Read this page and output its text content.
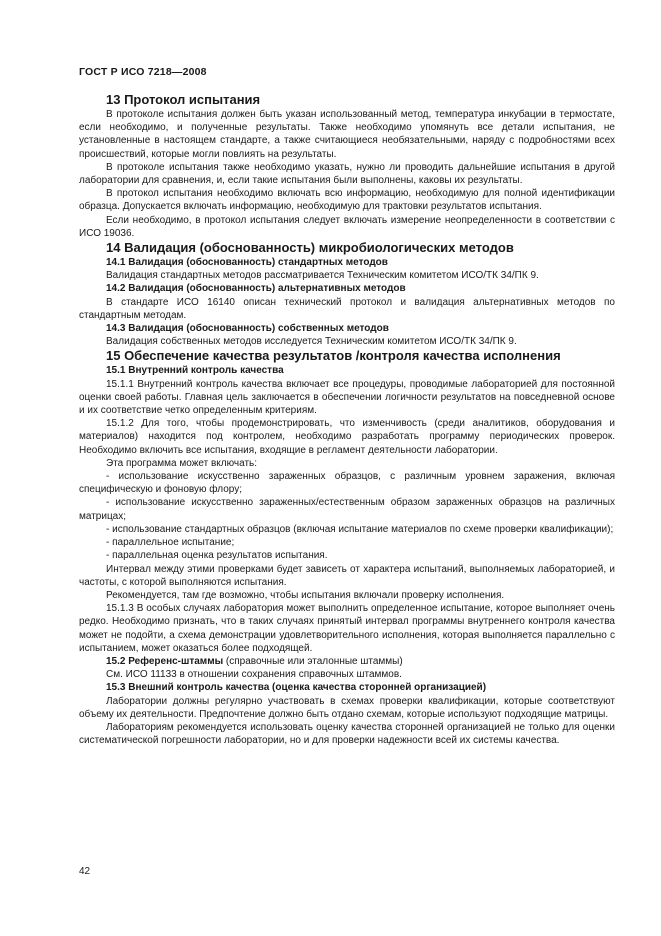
ГОСТ Р ИСО 7218—2008

13 Протокол испытания

В протоколе испытания должен быть указан использованный метод, температура инкубации в термостате, если необходимо, и полученные результаты. Также необходимо упомянуть все детали испытания, не установленные в настоящем стандарте, а также считающиеся необязательными, наряду с подробностями всех происшествий, которые могли повлиять на результаты.

В протоколе испытания также необходимо указать, нужно ли проводить дальнейшие испытания в другой лаборатории для сравнения, и, если такие испытания были выполнены, каковы их результаты.

В протокол испытания необходимо включать всю информацию, необходимую для полной идентификации образца. Допускается включать информацию, необходимую для трактовки результатов испытания.

Если необходимо, в протокол испытания следует включать измерение неопределенности в соответствии с ИСО 19036.

14 Валидация (обоснованность) микробиологических методов

14.1 Валидация (обоснованность) стандартных методов

Валидация стандартных методов рассматривается Техническим комитетом ИСО/ТК 34/ПК 9.

14.2 Валидация (обоснованность) альтернативных методов

В стандарте ИСО 16140 описан технический протокол и валидация альтернативных методов по стандартным методам.

14.3 Валидация (обоснованность) собственных методов

Валидация собственных методов исследуется Техническим комитетом ИСО/ТК 34/ПК 9.

15 Обеспечение качества результатов /контроля качества исполнения

15.1 Внутренний контроль качества

15.1.1 Внутренний контроль качества включает все процедуры, проводимые лабораторией для постоянной оценки своей работы. Главная цель заключается в обеспечении логичности результатов на повседневной основе и их соответствие четко определенным критериям.

15.1.2 Для того, чтобы продемонстрировать, что изменчивость (среди аналитиков, оборудования и материалов) находится под контролем, необходимо разработать программу периодических проверок. Необходимо включить все испытания, входящие в регламент деятельности лаборатории.

Эта программа может включать:

- использование искусственно зараженных образцов, с различным уровнем заражения, включая специфическую и фоновую флору;

- использование искусственно зараженных/естественным образом зараженных образцов на различных матрицах;

- использование стандартных образцов (включая испытание материалов по схеме проверки квалификации);

- параллельное испытание;

- параллельная оценка результатов испытания.

Интервал между этими проверками будет зависеть от характера испытаний, выполняемых лабораторией, и частоты, с которой выполняются испытания.

Рекомендуется, там где возможно, чтобы испытания включали проверку исполнения.

15.1.3 В особых случаях лаборатория может выполнить определенное испытание, которое выполняет очень редко. Необходимо признать, что в таких случаях принятый интервал программы внутреннего контроля качества может не подойти, а схема демонстрации удовлетворительного исполнения, которая выполняется параллельно с испытанием, может оказаться более подходящей.

15.2 Референс-штаммы (справочные или эталонные штаммы)

См. ИСО 11133 в отношении сохранения справочных штаммов.

15.3 Внешний контроль качества (оценка качества сторонней организацией)

Лаборатории должны регулярно участвовать в схемах проверки квалификации, которые соответствуют объему их деятельности. Предпочтение должно быть отдано схемам, которые используют подходящие матрицы.

Лабораториям рекомендуется использовать оценку качества сторонней организацией не только для оценки систематической погрешности лаборатории, но и для проверки надежности всей их системы качества.

42
